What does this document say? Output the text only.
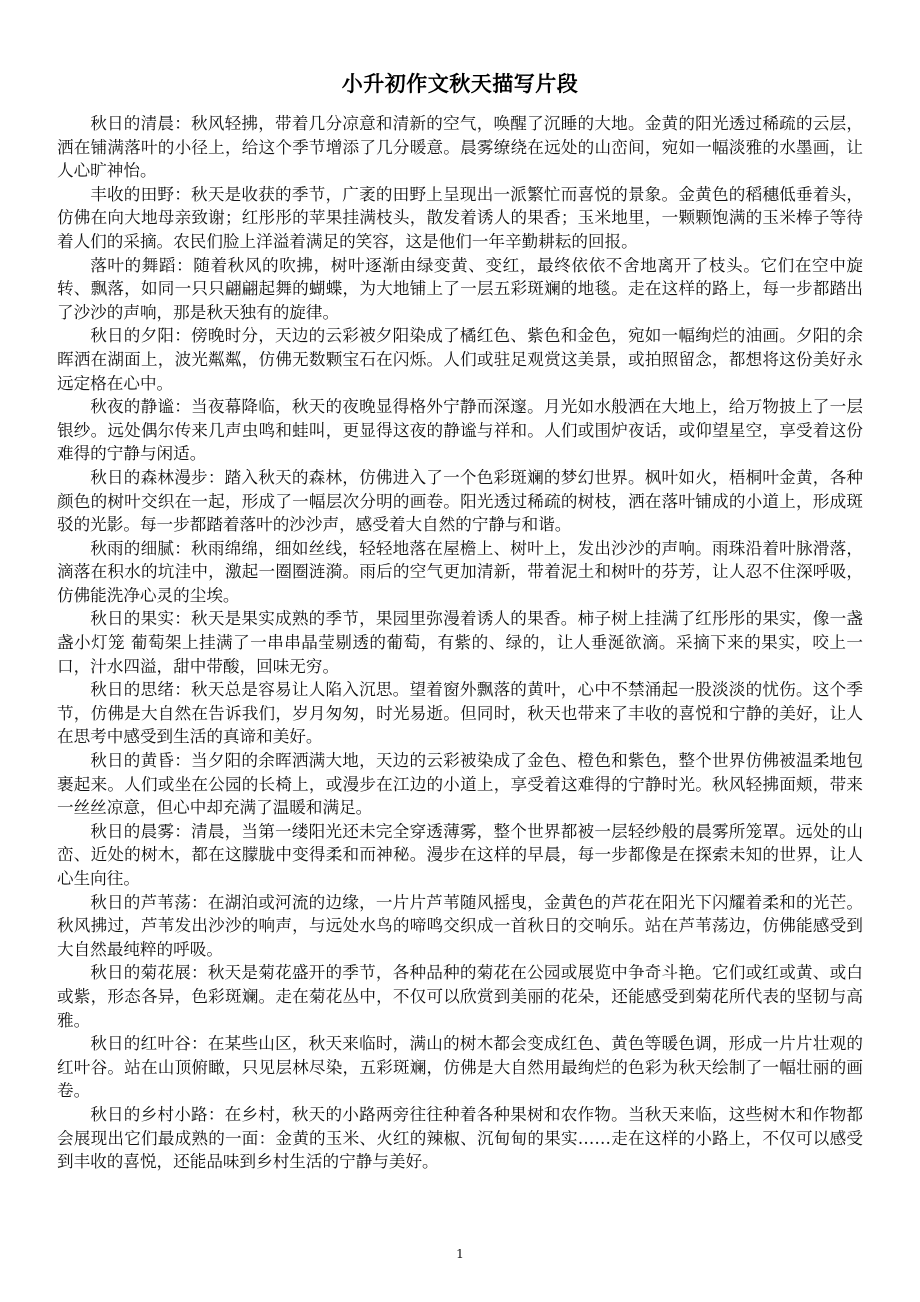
小升初作文秋天描写片段

秋日的清晨：秋风轻拂，带着几分凉意和清新的空气，唤醒了沉睡的大地。金黄的阳光透过稀疏的云层，洒在铺满落叶的小径上，给这个季节增添了几分暖意。晨雾缭绕在远处的山峦间，宛如一幅淡雅的水墨画，让人心旷神怡。

丰收的田野：秋天是收获的季节，广袤的田野上呈现出一派繁忙而喜悦的景象。金黄色的稻穗低垂着头，仿佛在向大地母亲致谢；红彤彤的苹果挂满枝头，散发着诱人的果香；玉米地里，一颗颗饱满的玉米棒子等待着人们的采摘。农民们脸上洋溢着满足的笑容，这是他们一年辛勤耕耘的回报。

落叶的舞蹈：随着秋风的吹拂，树叶逐渐由绿变黄、变红，最终依依不舍地离开了枝头。它们在空中旋转、飘落，如同一只只翩翩起舞的蝴蝶，为大地铺上了一层五彩斑斓的地毯。走在这样的路上，每一步都踏出了沙沙的声响，那是秋天独有的旋律。

秋日的夕阳：傍晚时分，天边的云彩被夕阳染成了橘红色、紫色和金色，宛如一幅绚烂的油画。夕阳的余晖洒在湖面上，波光粼粼，仿佛无数颗宝石在闪烁。人们或驻足观赏这美景，或拍照留念，都想将这份美好永远定格在心中。

秋夜的静谧：当夜幕降临，秋天的夜晚显得格外宁静而深邃。月光如水般洒在大地上，给万物披上了一层银纱。远处偶尔传来几声虫鸣和蛙叫，更显得这夜的静谧与祥和。人们或围炉夜话，或仰望星空，享受着这份难得的宁静与闲适。

秋日的森林漫步：踏入秋天的森林，仿佛进入了一个色彩斑斓的梦幻世界。枫叶如火，梧桐叶金黄，各种颜色的树叶交织在一起，形成了一幅层次分明的画卷。阳光透过稀疏的树枝，洒在落叶铺成的小道上，形成斑驳的光影。每一步都踏着落叶的沙沙声，感受着大自然的宁静与和谐。

秋雨的细腻：秋雨绵绵，细如丝线，轻轻地落在屋檐上、树叶上，发出沙沙的声响。雨珠沿着叶脉滑落，滴落在积水的坑洼中，激起一圈圈涟漪。雨后的空气更加清新，带着泥土和树叶的芬芳，让人忍不住深呼吸，仿佛能洗净心灵的尘埃。

秋日的果实：秋天是果实成熟的季节，果园里弥漫着诱人的果香。柿子树上挂满了红彤彤的果实，像一盏盏小灯笼 葡萄架上挂满了一串串晶莹剔透的葡萄，有紫的、绿的，让人垂涎欲滴。采摘下来的果实，咬上一口，汁水四溢，甜中带酸，回味无穷。

秋日的思绪：秋天总是容易让人陷入沉思。望着窗外飘落的黄叶，心中不禁涌起一股淡淡的忧伤。这个季节，仿佛是大自然在告诉我们，岁月匆匆，时光易逝。但同时，秋天也带来了丰收的喜悦和宁静的美好，让人在思考中感受到生活的真谛和美好。

秋日的黄昏：当夕阳的余晖洒满大地，天边的云彩被染成了金色、橙色和紫色，整个世界仿佛被温柔地包裹起来。人们或坐在公园的长椅上，或漫步在江边的小道上，享受着这难得的宁静时光。秋风轻拂面颊，带来一丝丝凉意，但心中却充满了温暖和满足。

秋日的晨雾：清晨，当第一缕阳光还未完全穿透薄雾，整个世界都被一层轻纱般的晨雾所笼罩。远处的山峦、近处的树木，都在这朦胧中变得柔和而神秘。漫步在这样的早晨，每一步都像是在探索未知的世界，让人心生向往。

秋日的芦苇荡：在湖泊或河流的边缘，一片片芦苇随风摇曳，金黄色的芦花在阳光下闪耀着柔和的光芒。秋风拂过，芦苇发出沙沙的响声，与远处水鸟的啼鸣交织成一首秋日的交响乐。站在芦苇荡边，仿佛能感受到大自然最纯粹的呼吸。

秋日的菊花展：秋天是菊花盛开的季节，各种品种的菊花在公园或展览中争奇斗艳。它们或红或黄、或白或紫，形态各异，色彩斑斓。走在菊花丛中，不仅可以欣赏到美丽的花朵，还能感受到菊花所代表的坚韧与高雅。

秋日的红叶谷：在某些山区，秋天来临时，满山的树木都会变成红色、黄色等暖色调，形成一片片壮观的红叶谷。站在山顶俯瞰，只见层林尽染，五彩斑斓，仿佛是大自然用最绚烂的色彩为秋天绘制了一幅壮丽的画卷。

秋日的乡村小路：在乡村，秋天的小路两旁往往种着各种果树和农作物。当秋天来临，这些树木和作物都会展现出它们最成熟的一面：金黄的玉米、火红的辣椒、沉甸甸的果实……走在这样的小路上，不仅可以感受到丰收的喜悦，还能品味到乡村生活的宁静与美好。

1
